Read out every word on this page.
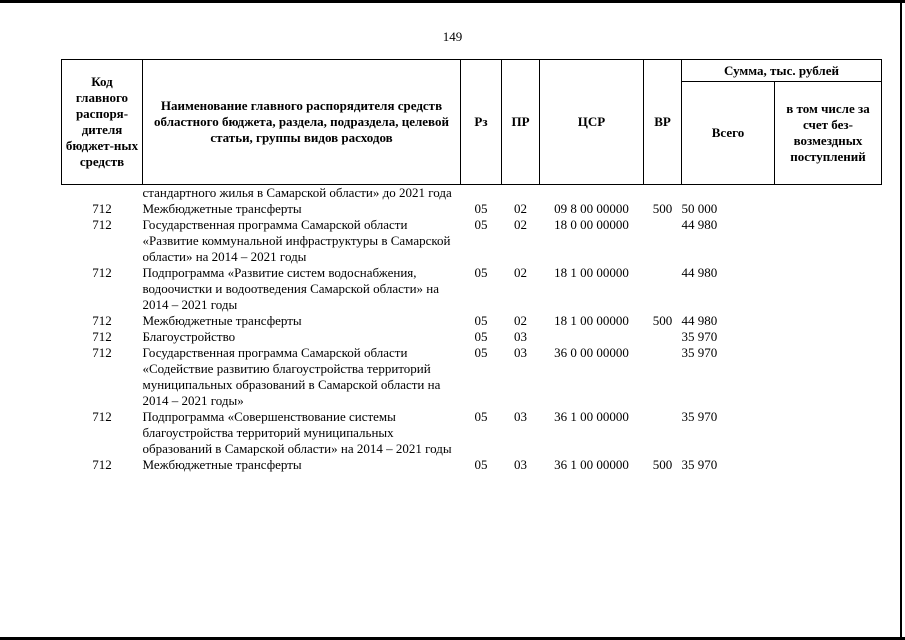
149
Код главного распоря-дителя бюджет-ных средств	Наименование главного распорядителя средств областного бюджета, раздела, подраздела, целевой статьи, группы видов расходов	Рз	ПР	ЦСР	ВР	Сумма, тыс. рублей	
						Всего	в том числе за счет без-возмездных поступлений
	стандартного жилья в Самарской области» до 2021 года						
712	Межбюджетные трансферты	05	02	09 8 00 00000	500	50 000	
712	Государственная программа Самарской области «Развитие коммунальной инфраструктуры в Самарской области» на 2014 – 2021 годы	05	02	18 0 00 00000		44 980	
712	Подпрограмма «Развитие систем водоснабжения, водоочистки и водоотведения Самарской области» на 2014 – 2021 годы	05	02	18 1 00 00000		44 980	
712	Межбюджетные трансферты	05	02	18 1 00 00000	500	44 980	
712	Благоустройство	05	03			35 970	
712	Государственная программа Самарской области «Содействие развитию благоустройства территорий муниципальных образований в Самарской области на 2014 – 2021 годы»	05	03	36 0 00 00000		35 970	
712	Подпрограмма «Совершенствование системы благоустройства территорий муниципальных образований в Самарской области» на 2014 – 2021 годы	05	03	36 1 00 00000		35 970	
712	Межбюджетные трансферты	05	03	36 1 00 00000	500	35 970	
